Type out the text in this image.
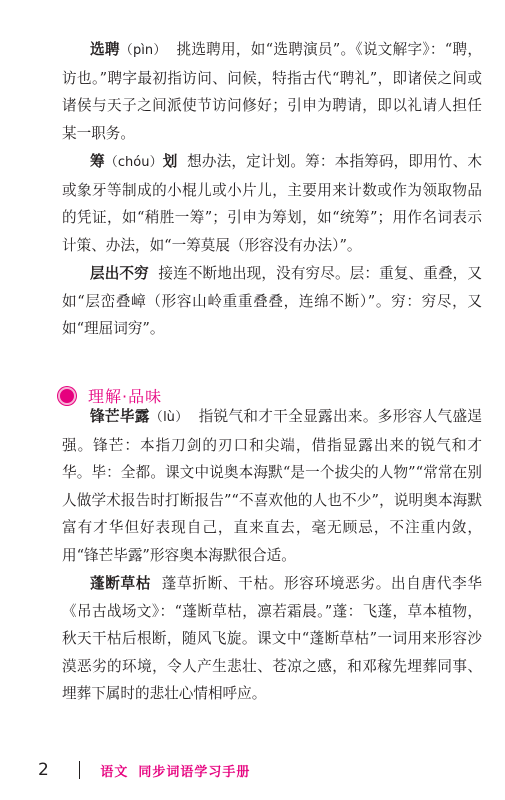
选聘（pìn） 挑选聘用，如“选聘演员”。《说文解字》：“聘，访也。”聘字最初指访问、问候，特指古代“聘礼”，即诸侯之间或诸侯与天子之间派使节访问修好；引申为聘请，即以礼请人担任某一职务。

筹（chóu）划 想办法，定计划。筹：本指筹码，即用竹、木或象牙等制成的小棍儿或小片儿，主要用来计数或作为领取物品的凭证，如“稍胜一筹”；引申为筹划，如“统筹”；用作名词表示计策、办法，如“一筹莫展（形容没有办法）”。

层出不穷 接连不断地出现，没有穷尽。层：重复、重叠，又如“层峦叠嶂（形容山岭重重叠叠，连绵不断）”。穷：穷尽，又如“理屈词穷”。

理解·品味

锋芒毕露（lù） 指锐气和才干全显露出来。多形容人气盛逞强。锋芒：本指刀剑的刃口和尖端，借指显露出来的锐气和才华。毕：全都。课文中说奥本海默“是一个拔尖的人物”“常常在别人做学术报告时打断报告”“不喜欢他的人也不少”，说明奥本海默富有才华但好表现自己，直来直去，毫无顾忌，不注重内敛，用“锋芒毕露”形容奥本海默很合适。

蓬断草枯 蓬草折断、干枯。形容环境恶劣。出自唐代李华《吊古战场文》：“蓬断草枯，凛若霜晨。”蓬：飞蓬，草本植物，秋天干枯后根断，随风飞旋。课文中“蓬断草枯”一词用来形容沙漠恶劣的环境，令人产生悲壮、苍凉之感，和邓稼先埋葬同事、埋葬下属时的悲壮心情相呼应。

2	语文 同步词语学习手册
